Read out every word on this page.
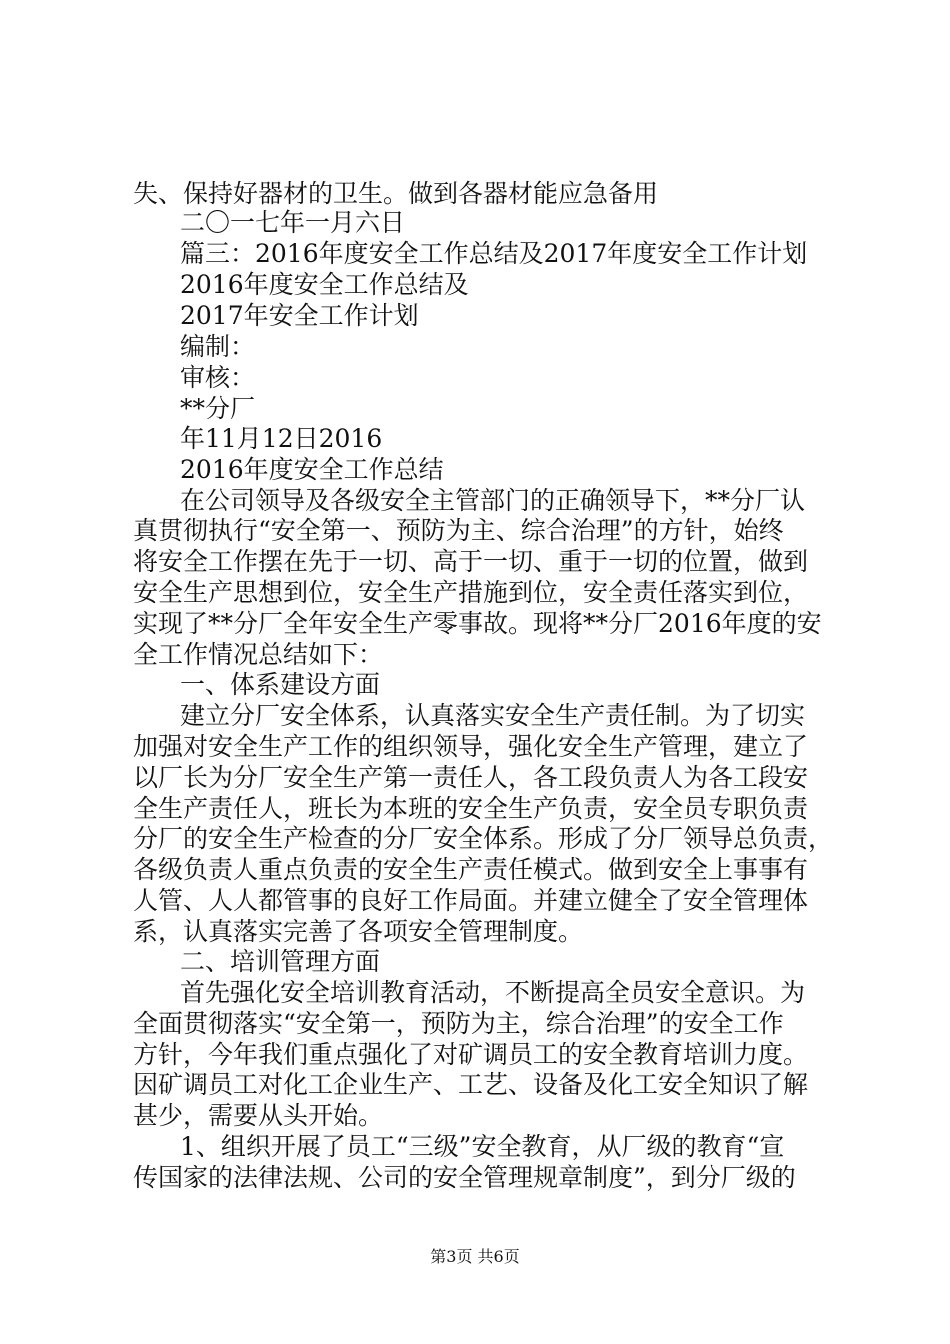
失、保持好器材的卫生。做到各器材能应急备用
二〇一七年一月六日
篇三：2016年度安全工作总结及2017年度安全工作计划
2016年度安全工作总结及
2017年安全工作计划
编制：
审核：
**分厂
年11月12日2016
2016年度安全工作总结
在公司领导及各级安全主管部门的正确领导下，**分厂认
真贯彻执行“安全第一、预防为主、综合治理”的方针，始终
将安全工作摆在先于一切、高于一切、重于一切的位置，做到
安全生产思想到位，安全生产措施到位，安全责任落实到位，
实现了**分厂全年安全生产零事故。现将**分厂2016年度的安
全工作情况总结如下：
一、体系建设方面
建立分厂安全体系，认真落实安全生产责任制。为了切实
加强对安全生产工作的组织领导，强化安全生产管理，建立了
以厂长为分厂安全生产第一责任人，各工段负责人为各工段安
全生产责任人，班长为本班的安全生产负责，安全员专职负责
分厂的安全生产检查的分厂安全体系。形成了分厂领导总负责，
各级负责人重点负责的安全生产责任模式。做到安全上事事有
人管、人人都管事的良好工作局面。并建立健全了安全管理体
系，认真落实完善了各项安全管理制度。
二、培训管理方面
首先强化安全培训教育活动，不断提高全员安全意识。为
全面贯彻落实“安全第一，预防为主，综合治理”的安全工作
方针，今年我们重点强化了对矿调员工的安全教育培训力度。
因矿调员工对化工企业生产、工艺、设备及化工安全知识了解
甚少，需要从头开始。
1、组织开展了员工“三级”安全教育，从厂级的教育“宣
传国家的法律法规、公司的安全管理规章制度”，到分厂级的
第3页 共6页
